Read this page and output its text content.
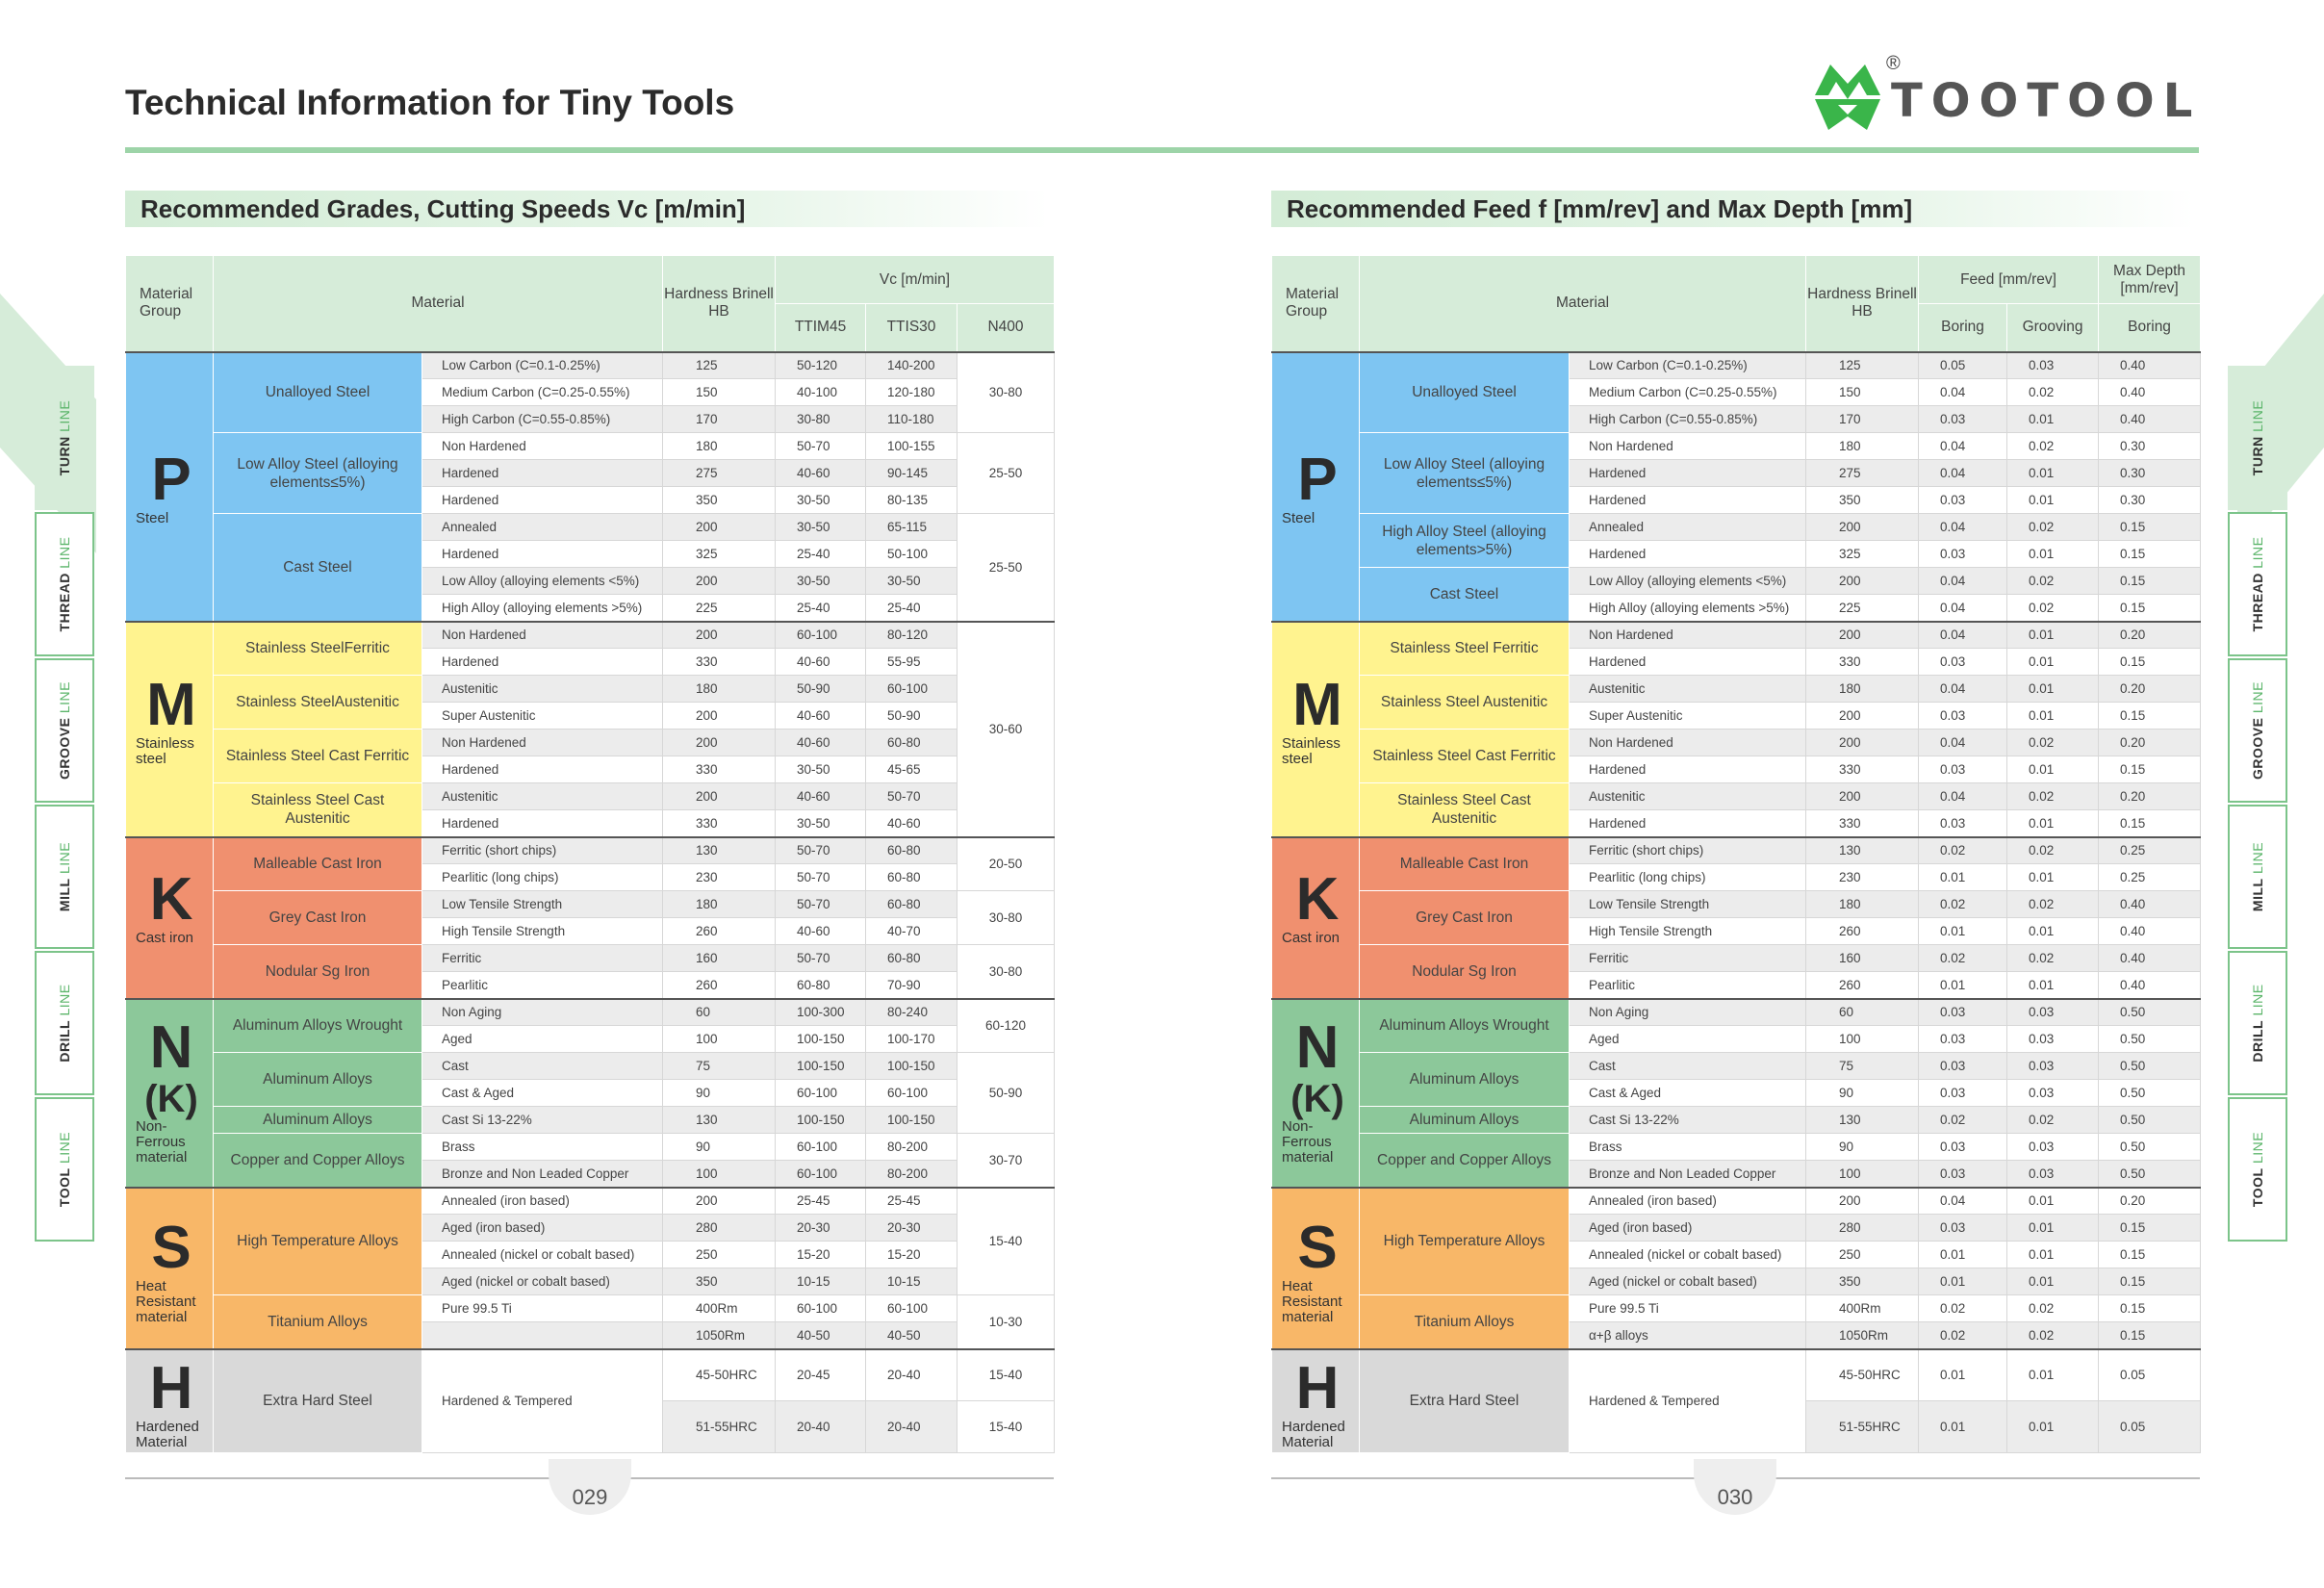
Technical Information for Tiny Tools
®
TOOTOOL
Recommended Grades, Cutting Speeds Vc [m/min]	Recommended Feed f [mm/rev] and Max Depth [mm]
Material Group	Material		Hardness Brinell HB	Vc [m/min]		
				TTIM45	TTIS30	N400

P
Steel	Unalloyed Steel	Low Carbon (C=0.1-0.25%)	125	50-120	140-200	30-80
		Medium Carbon (C=0.25-0.55%)	150	40-100	120-180	
		High Carbon (C=0.55-0.85%)	170	30-80	110-180	
	Low Alloy Steel (alloying elements≤5%)	Non Hardened	180	50-70	100-155	25-50
		Hardened	275	40-60	90-145	
		Hardened	350	30-50	80-135	
	Cast Steel	Annealed	200	30-50	65-115	25-50
		Hardened	325	25-40	50-100	
		Low Alloy (alloying elements <5%)	200	30-50	30-50	
		High Alloy (alloying elements >5%)	225	25-40	25-40	

M
Stainless steel	Stainless SteelFerritic	Non Hardened	200	60-100	80-120	30-60
		Hardened	330	40-60	55-95	
	Stainless SteelAustenitic	Austenitic	180	50-90	60-100	
		Super Austenitic	200	40-60	50-90	
	Stainless Steel Cast Ferritic	Non Hardened	200	40-60	60-80	
		Hardened	330	30-50	45-65	
	Stainless Steel Cast Austenitic	Austenitic	200	40-60	50-70	
		Hardened	330	30-50	40-60	

K
Cast iron	Malleable Cast Iron	Ferritic (short chips)	130	50-70	60-80	20-50
		Pearlitic (long chips)	230	50-70	60-80	
	Grey Cast Iron	Low Tensile Strength	180	50-70	60-80	30-80
		High Tensile Strength	260	40-60	40-70	
	Nodular Sg Iron	Ferritic	160	50-70	60-80	30-80
		Pearlitic	260	60-80	70-90	

N
(K)
Non-Ferrous material	Aluminum Alloys Wrought	Non Aging	60	100-300	80-240	60-120
		Aged	100	100-150	100-170	
	Aluminum Alloys	Cast	75	100-150	100-150	50-90
		Cast & Aged	90	60-100	60-100	
	Aluminum Alloys	Cast Si 13-22%	130	100-150	100-150	
	Copper and Copper Alloys	Brass	90	60-100	80-200	30-70
		Bronze and Non Leaded Copper	100	60-100	80-200	

S
Heat Resistant material	High Temperature Alloys	Annealed (iron based)	200	25-45	25-45	15-40
		Aged (iron based)	280	20-30	20-30	
		Annealed (nickel or cobalt based)	250	15-20	15-20	
		Aged (nickel or cobalt based)	350	10-15	10-15	
	Titanium Alloys	Pure 99.5 Ti	400Rm	60-100	60-100	10-30
			1050Rm	40-50	40-50	

H
Hardened Material	Extra Hard Steel	Hardened & Tempered	45-50HRC	20-45	20-40	15-40
			51-55HRC	20-40	20-40	15-40
Material Group	Material		Hardness Brinell HB	Feed [mm/rev]		Max Depth [mm/rev]
				Boring	Grooving	Boring

P
Steel	Unalloyed Steel	Low Carbon (C=0.1-0.25%)	125	0.05	0.03	0.40
		Medium Carbon (C=0.25-0.55%)	150	0.04	0.02	0.40
		High Carbon (C=0.55-0.85%)	170	0.03	0.01	0.40
	Low Alloy Steel (alloying elements≤5%)	Non Hardened	180	0.04	0.02	0.30
		Hardened	275	0.04	0.01	0.30
		Hardened	350	0.03	0.01	0.30
	High Alloy Steel (alloying elements>5%)	Annealed	200	0.04	0.02	0.15
		Hardened	325	0.03	0.01	0.15
	Cast Steel	Low Alloy (alloying elements <5%)	200	0.04	0.02	0.15
		High Alloy (alloying elements >5%)	225	0.04	0.02	0.15

M
Stainless steel	Stainless Steel Ferritic	Non Hardened	200	0.04	0.01	0.20
		Hardened	330	0.03	0.01	0.15
	Stainless Steel Austenitic	Austenitic	180	0.04	0.01	0.20
		Super Austenitic	200	0.03	0.01	0.15
	Stainless Steel Cast Ferritic	Non Hardened	200	0.04	0.02	0.20
		Hardened	330	0.03	0.01	0.15
	Stainless Steel Cast Austenitic	Austenitic	200	0.04	0.02	0.20
		Hardened	330	0.03	0.01	0.15

K
Cast iron	Malleable Cast Iron	Ferritic (short chips)	130	0.02	0.02	0.25
		Pearlitic (long chips)	230	0.01	0.01	0.25
	Grey Cast Iron	Low Tensile Strength	180	0.02	0.02	0.40
		High Tensile Strength	260	0.01	0.01	0.40
	Nodular Sg Iron	Ferritic	160	0.02	0.02	0.40
		Pearlitic	260	0.01	0.01	0.40

N
(K)
Non-Ferrous material	Aluminum Alloys Wrought	Non Aging	60	0.03	0.03	0.50
		Aged	100	0.03	0.03	0.50
	Aluminum Alloys	Cast	75	0.03	0.03	0.50
		Cast & Aged	90	0.03	0.03	0.50
	Aluminum Alloys	Cast Si 13-22%	130	0.02	0.02	0.50
	Copper and Copper Alloys	Brass	90	0.03	0.03	0.50
		Bronze and Non Leaded Copper	100	0.03	0.03	0.50

S
Heat Resistant material	High Temperature Alloys	Annealed (iron based)	200	0.04	0.01	0.20
		Aged (iron based)	280	0.03	0.01	0.15
		Annealed (nickel or cobalt based)	250	0.01	0.01	0.15
		Aged (nickel or cobalt based)	350	0.01	0.01	0.15
	Titanium Alloys	Pure 99.5 Ti	400Rm	0.02	0.02	0.15
		α+β alloys	1050Rm	0.02	0.02	0.15

H
Hardened Material	Extra Hard Steel	Hardened & Tempered	45-50HRC	0.01	0.01	0.05
			51-55HRC	0.01	0.01	0.05
029	030
TURN LINE
THREAD LINE
GROOVE LINE
MILL LINE
DRILL LINE
TOOL LINE
TURN LINE
THREAD LINE
GROOVE LINE
MILL LINE
DRILL LINE
TOOL LINE
